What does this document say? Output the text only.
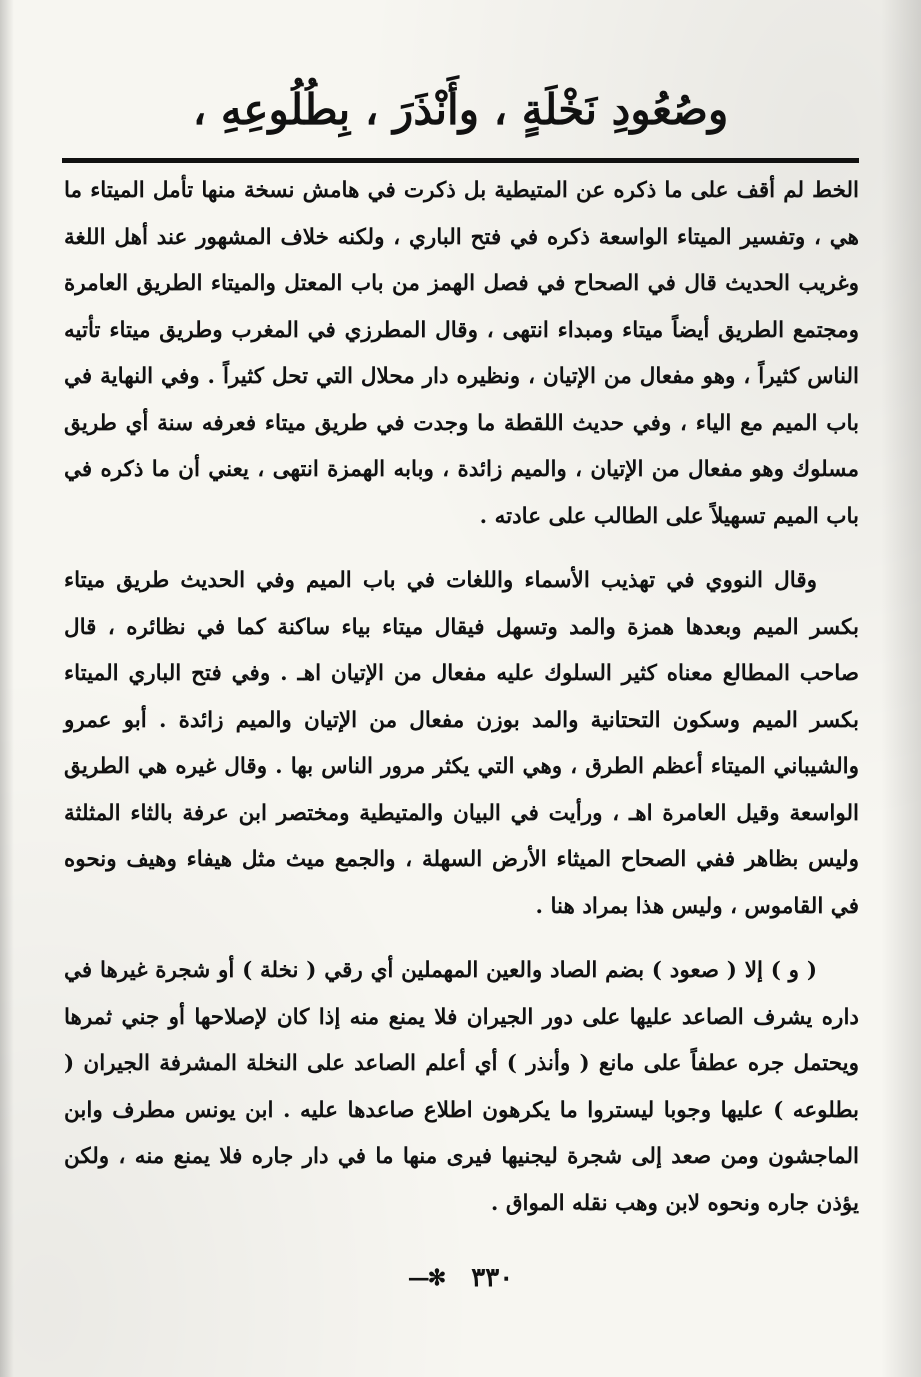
وصُعُودِ نَخْلَةٍ ، وأَنْذَرَ ، بِطُلُوعِهِ ،

الخط لم أقف على ما ذكره عن المتيطية بل ذكرت في هامش نسخة منها تأمل الميتاء ما هي ، وتفسير الميتاء الواسعة ذكره في فتح الباري ، ولكنه خلاف المشهور عند أهل اللغة وغريب الحديث قال في الصحاح في فصل الهمز من باب المعتل والميتاء الطريق العامرة ومجتمع الطريق أيضاً ميتاء ومبداء انتهى ، وقال المطرزي في المغرب وطريق ميتاء تأتيه الناس كثيراً ، وهو مفعال من الإتيان ، ونظيره دار محلال التي تحل كثيراً . وفي النهاية في باب الميم مع الياء ، وفي حديث اللقطة ما وجدت في طريق ميتاء فعرفه سنة أي طريق مسلوك وهو مفعال من الإتيان ، والميم زائدة ، وبابه الهمزة انتهى ، يعني أن ما ذكره في باب الميم تسهيلاً على الطالب على عادته .

وقال النووي في تهذيب الأسماء واللغات في باب الميم وفي الحديث طريق ميتاء بكسر الميم وبعدها همزة والمد وتسهل فيقال ميتاء بياء ساكنة كما في نظائره ، قال صاحب المطالع معناه كثير السلوك عليه مفعال من الإتيان اهـ . وفي فتح الباري الميتاء بكسر الميم وسكون التحتانية والمد بوزن مفعال من الإتيان والميم زائدة . أبو عمرو والشيباني الميتاء أعظم الطرق ، وهي التي يكثر مرور الناس بها . وقال غيره هي الطريق الواسعة وقيل العامرة اهـ ، ورأيت في البيان والمتيطية ومختصر ابن عرفة بالثاء المثلثة وليس بظاهر ففي الصحاح الميثاء الأرض السهلة ، والجمع ميث مثل هيفاء وهيف ونحوه في القاموس ، وليس هذا بمراد هنا .

( و ) إلا ( صعود ) بضم الصاد والعين المهملين أي رقي ( نخلة ) أو شجرة غيرها في داره يشرف الصاعد عليها على دور الجيران فلا يمنع منه إذا كان لإصلاحها أو جني ثمرها ويحتمل جره عطفاً على مانع ( وأنذر ) أي أعلم الصاعد على النخلة المشرفة الجيران ( بطلوعه ) عليها وجوبا ليستروا ما يكرهون اطلاع صاعدها عليه . ابن يونس مطرف وابن الماجشون ومن صعد إلى شجرة ليجنيها فيرى منها ما في دار جاره فلا يمنع منه ، ولكن يؤذن جاره ونحوه لابن وهب نقله المواق .

٣٣٠ ✻—
